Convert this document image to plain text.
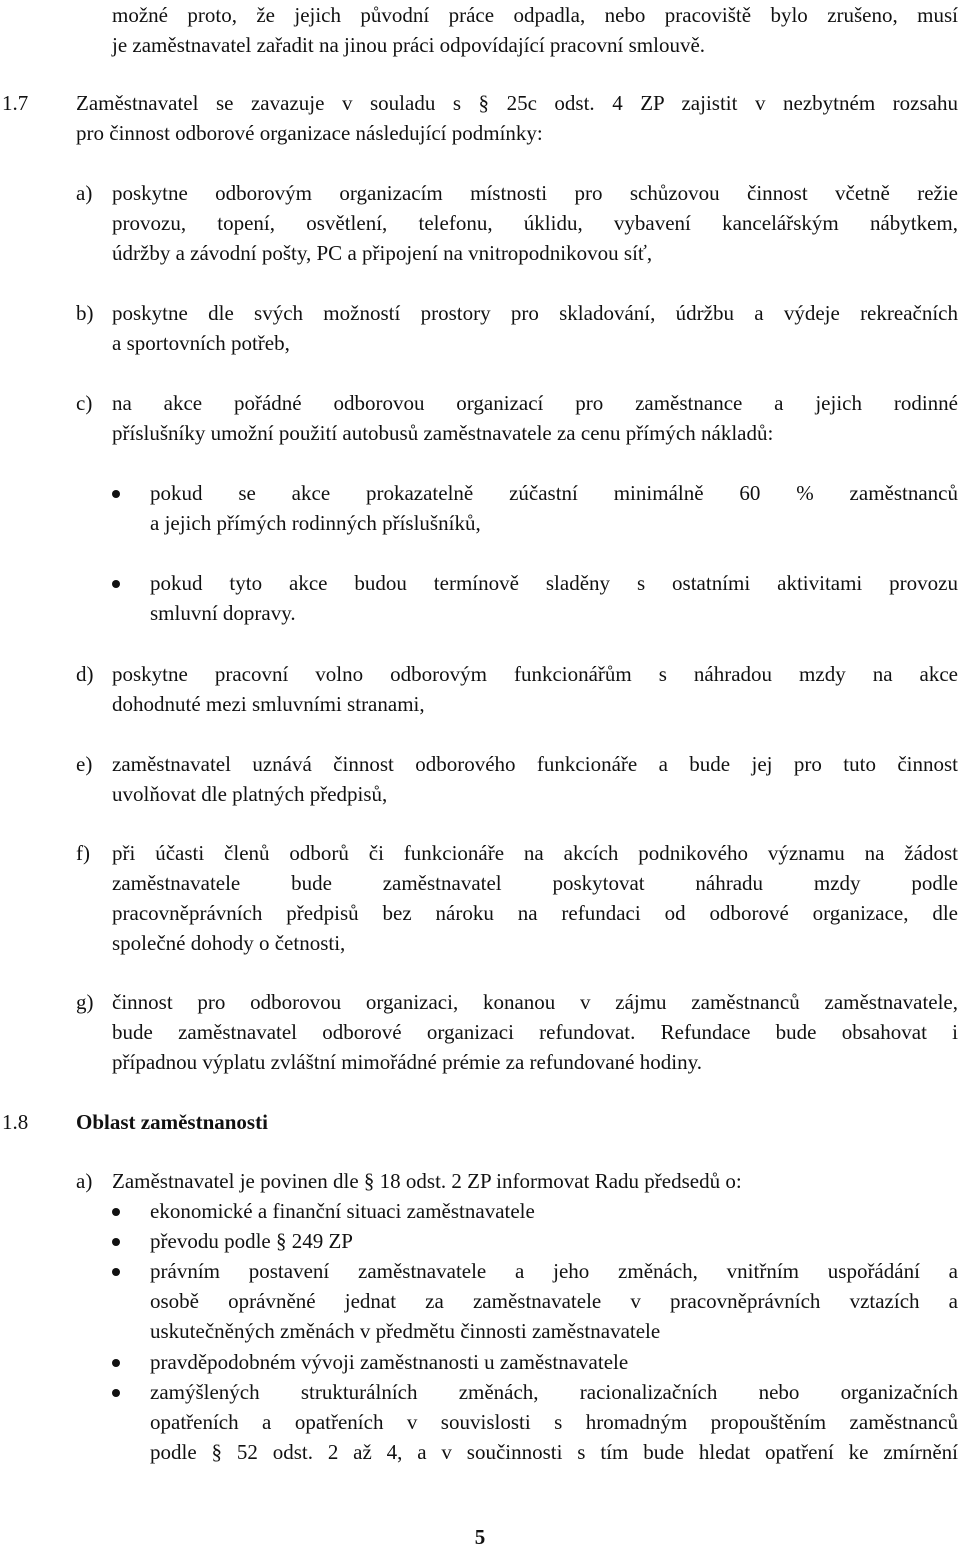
možné proto, že jejich původní práce odpadla, nebo pracoviště bylo zrušeno, musí
je zaměstnavatel zařadit na jinou práci odpovídající pracovní smlouvě.
1.7 Zaměstnavatel se zavazuje v souladu s § 25c odst. 4 ZP zajistit v nezbytném rozsahu
pro činnost odborové organizace následující podmínky:
a) poskytne odborovým organizacím místnosti pro schůzovou činnost včetně režie
provozu, topení, osvětlení, telefonu, úklidu, vybavení kancelářským nábytkem,
údržby a závodní pošty, PC a připojení na vnitropodnikovou síť,
b) poskytne dle svých možností prostory pro skladování, údržbu a výdeje rekreačních
a sportovních potřeb,
c) na akce pořádné odborovou organizací pro zaměstnance a jejich rodinné
příslušníky umožní použití autobusů zaměstnavatele za cenu přímých nákladů:
pokud se akce prokazatelně zúčastní minimálně 60 % zaměstnanců
a jejich přímých rodinných příslušníků,
pokud tyto akce budou termínově sladěny s ostatními aktivitami provozu
smluvní dopravy.
d) poskytne pracovní volno odborovým funkcionářům s náhradou mzdy na akce
dohodnuté mezi smluvními stranami,
e) zaměstnavatel uznává činnost odborového funkcionáře a bude jej pro tuto činnost
uvolňovat dle platných předpisů,
f) při účasti členů odborů či funkcionáře na akcích podnikového významu na žádost
zaměstnavatele bude zaměstnavatel poskytovat náhradu mzdy podle
pracovněprávních předpisů bez nároku na refundaci od odborové organizace, dle
společné dohody o četnosti,
g) činnost pro odborovou organizaci, konanou v zájmu zaměstnanců zaměstnavatele,
bude zaměstnavatel odborové organizaci refundovat. Refundace bude obsahovat i
případnou výplatu zvláštní mimořádné prémie za refundované hodiny.
1.8 Oblast zaměstnanosti
a) Zaměstnavatel je povinen dle § 18 odst. 2 ZP informovat Radu předsedů o:
ekonomické a finanční situaci zaměstnavatele
převodu podle § 249 ZP
právním postavení zaměstnavatele a jeho změnách, vnitřním uspořádání a
osobě oprávněné jednat za zaměstnavatele v pracovněprávních vztazích a
uskutečněných změnách v předmětu činnosti zaměstnavatele
pravděpodobném vývoji zaměstnanosti u zaměstnavatele
zamýšlených strukturálních změnách, racionalizačních nebo organizačních
opatřeních a opatřeních v souvislosti s hromadným propouštěním zaměstnanců
podle § 52 odst. 2 až 4, a v součinnosti s tím bude hledat opatření ke zmírnění
5
